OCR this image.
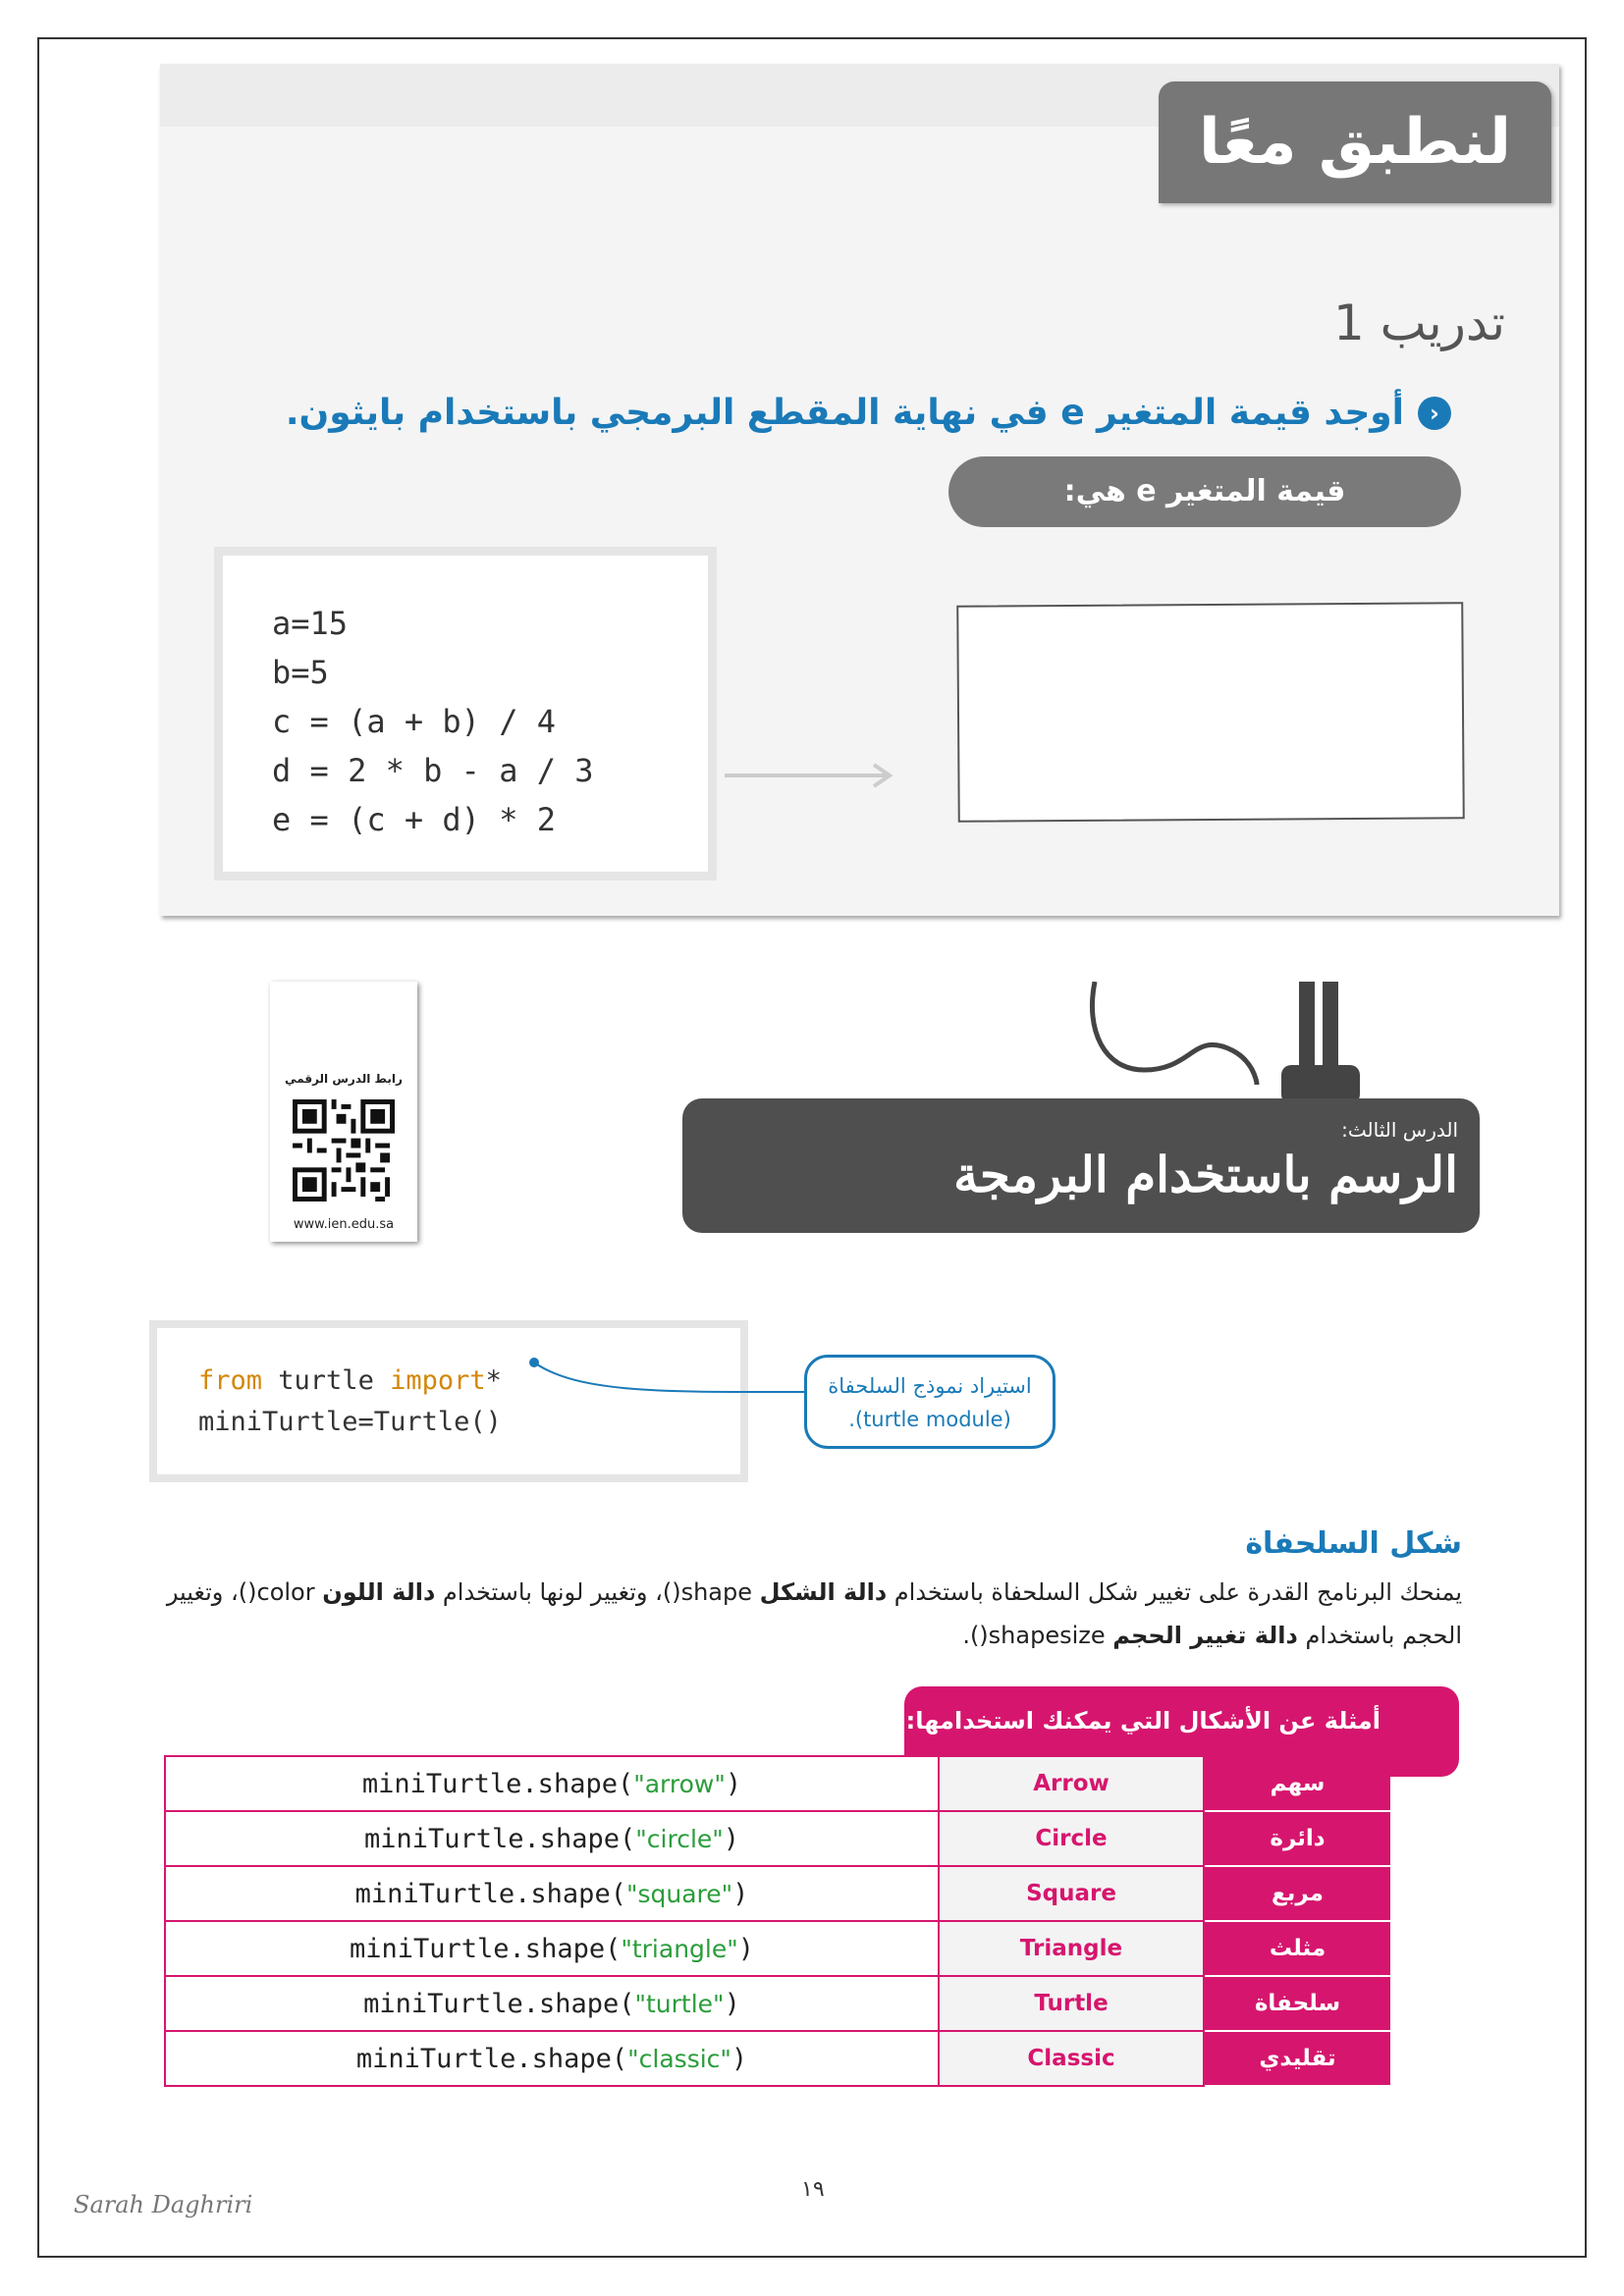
لنطبق معًا
تدريب 1
‹
أوجد قيمة المتغير e في نهاية المقطع البرمجي باستخدام بايثون.
قيمة المتغير e هي:
a=15
b=5
c = (a + b) / 4
d = 2 * b - a / 3
e = (c + d) * 2
رابط الدرس الرقمي
www.ien.edu.sa
الدرس الثالث:
الرسم باستخدام البرمجة
from turtle import*
miniTurtle=Turtle()
استيراد نموذج السلحفاة
(turtle module).
شكل السلحفاة
يمنحك البرنامج القدرة على تغيير شكل السلحفاة باستخدام دالة الشكل shape()، وتغيير لونها باستخدام دالة اللون color()، وتغيير الحجم باستخدام دالة تغيير الحجم shapesize().
أمثلة عن الأشكال التي يمكنك استخدامها:
miniTurtle.shape("arrow")	Arrow	سهم
miniTurtle.shape("circle")	Circle	دائرة
miniTurtle.shape("square")	Square	مربع
miniTurtle.shape("triangle")	Triangle	مثلث
miniTurtle.shape("turtle")	Turtle	سلحفاة
miniTurtle.shape("classic")	Classic	تقليدي
١٩
Sarah Daghriri
